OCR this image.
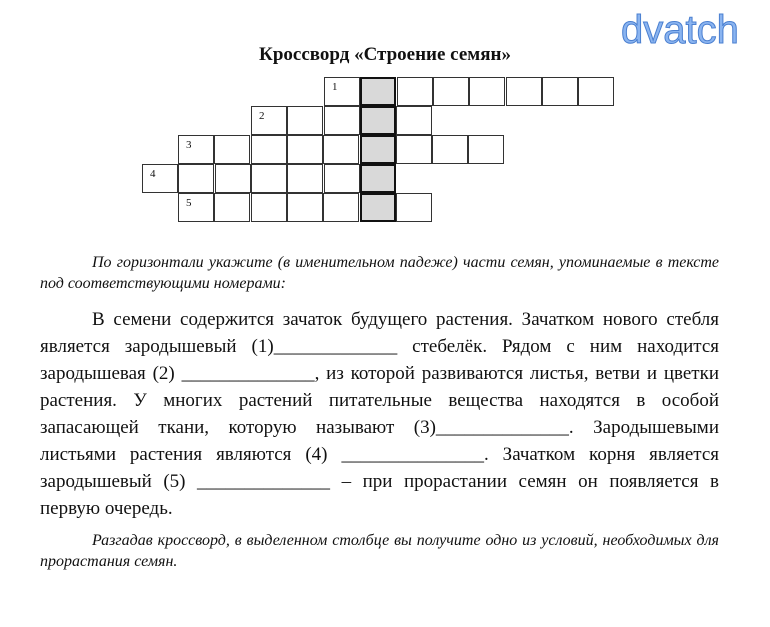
dvatch
Кроссворд «Строение семян»
1
2
3
4
5

По горизонтали укажите (в именительном падеже) части семян, упоминаемые в тексте под соответствующими номерами:

В семени содержится зачаток будущего растения. Зачатком нового стебля является зародышевый (1)_____________ стебелёк. Рядом с ним находится зародышевая (2) ______________, из которой развиваются листья, ветви и цветки растения. У многих растений питательные вещества находятся в особой запасающей ткани, которую называют (3)______________. Зародышевыми листьями растения являются (4) _______________. Зачатком корня является зародышевый (5) ______________ – при прорастании семян он появляется в первую очередь.

Разгадав кроссворд, в выделенном столбце вы получите одно из условий, необходимых для прорастания семян.
